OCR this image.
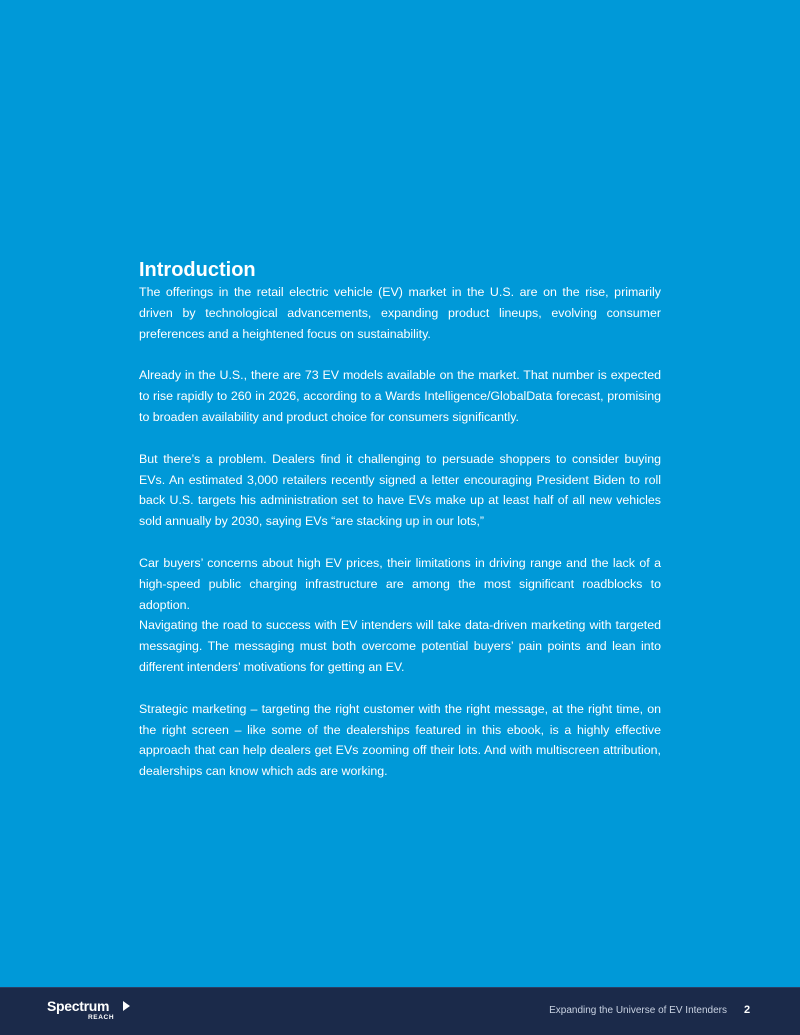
Introduction

The offerings in the retail electric vehicle (EV) market in the U.S. are on the rise, primarily driven by technological advancements, expanding product lineups, evolving consumer preferences and a heightened focus on sustainability.

Already in the U.S., there are 73 EV models available on the market. That number is expected to rise rapidly to 260 in 2026, according to a Wards Intelligence/GlobalData forecast, promising to broaden availability and product choice for consumers significantly.

But there’s a problem. Dealers find it challenging to persuade shoppers to consider buying EVs. An estimated 3,000 retailers recently signed a letter encouraging President Biden to roll back U.S. targets his administration set to have EVs make up at least half of all new vehicles sold annually by 2030, saying EVs “are stacking up in our lots,”

Car buyers’ concerns about high EV prices, their limitations in driving range and the lack of a high-speed public charging infrastructure are among the most significant roadblocks to adoption.

Navigating the road to success with EV intenders will take data-driven marketing with targeted messaging. The messaging must both overcome potential buyers’ pain points and lean into different intenders’ motivations for getting an EV.

Strategic marketing – targeting the right customer with the right message, at the right time, on the right screen – like some of the dealerships featured in this ebook, is a highly effective approach that can help dealers get EVs zooming off their lots. And with multiscreen attribution, dealerships can know which ads are working.

Spectrum
REACH
Expanding the Universe of EV Intenders 2
